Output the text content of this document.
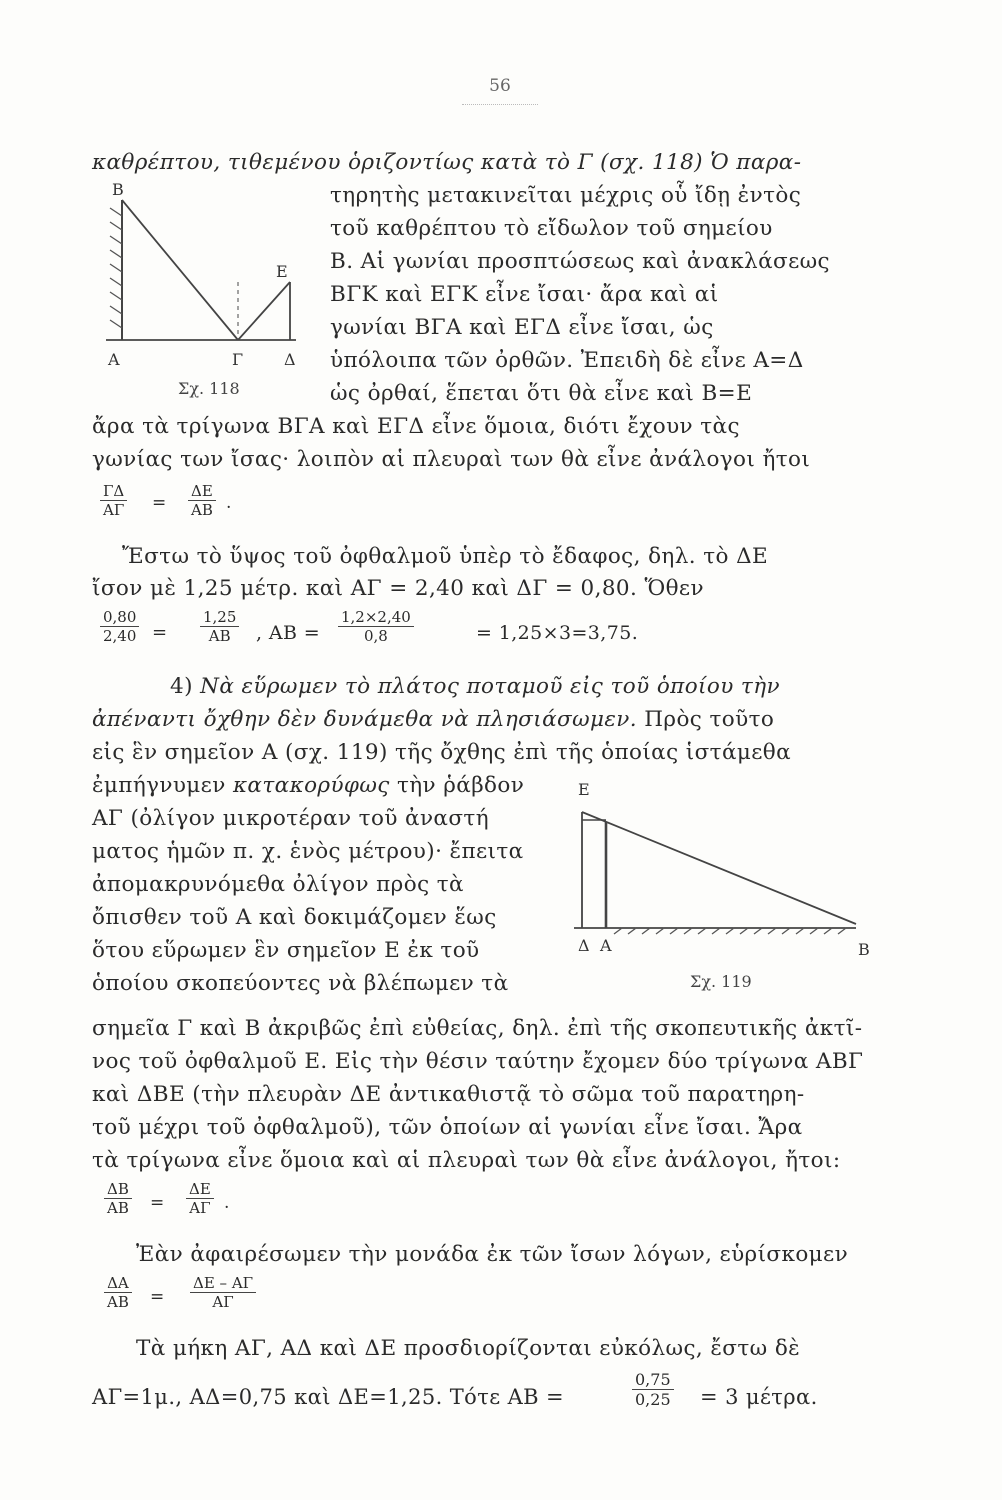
56
καθρέπτου, τιθεμένου ὁριζοντίως κατὰ τὸ Γ (σχ. 118) Ὁ παρα-
Α	Γ	Δ
Ε
Β
Σχ. 118
τηρητὴς μετακινεῖται μέχρις οὗ ἴδῃ ἐντὸς
τοῦ καθρέπτου τὸ εἴδωλον τοῦ σημείου
Β. Αἱ γωνίαι προσπτώσεως καὶ ἀνακλάσεως
ΒΓΚ καὶ ΕΓΚ εἶνε ἴσαι· ἄρα καὶ αἱ
γωνίαι ΒΓΑ καὶ ΕΓΔ εἶνε ἴσαι, ὡς
ὑπόλοιπα τῶν ὀρθῶν. Ἐπειδὴ δὲ εἶνε Α=Δ
ὡς ὀρθαί, ἕπεται ὅτι θὰ εἶνε καὶ Β=Ε
ἄρα τὰ τρίγωνα ΒΓΑ καὶ ΕΓΔ εἶνε ὅμοια, διότι ἔχουν τὰς
γωνίας των ἴσας· λοιπὸν αἱ πλευραὶ των θὰ εἶνε ἀνάλογοι ἤτοι
$\frac{\Gamma\Delta}{A\Gamma} = \frac{\Delta E}{AB}$ .
Ἔστω τὸ ὕψος τοῦ ὀφθαλμοῦ ὑπὲρ τὸ ἔδαφος, δηλ. τὸ ΔΕ
ἴσον μὲ 1,25 μέτρ. καὶ ΑΓ = 2,40 καὶ ΔΓ = 0,80. Ὅθεν
$\frac{0,80}{2,40} = \frac{1,25}{AB}$ , $AB = \frac{1,2\times 2,40}{0,8}$	= 1,25×3=3,75.
4) Νὰ εὕρωμεν τὸ πλάτος ποταμοῦ εἰς τοῦ ὁποίου τὴν
ἀπέναντι ὄχθην δὲν δυνάμεθα νὰ πλησιάσωμεν. Πρὸς τοῦτο
εἰς ἓν σημεῖον Α (σχ. 119) τῆς ὄχθης ἐπὶ τῆς ὁποίας ἱστάμεθα
ἐμπήγνυμεν κατακορύφως τὴν ῥάβδον
ΑΓ (ὀλίγον μικροτέραν τοῦ ἀναστή
ματος ἡμῶν π. χ. ἑνὸς μέτρου)· ἔπειτα
ἀπομακρυνόμεθα ὀλίγον πρὸς τὰ
ὄπισθεν τοῦ Α καὶ δοκιμάζομεν ἕως
ὅτου εὕρωμεν ἓν σημεῖον Ε ἐκ τοῦ
ὁποίου σκοπεύοντες νὰ βλέπωμεν τὰ
Ε
Δ Α	Β
Σχ. 119
σημεῖα Γ καὶ Β ἀκριβῶς ἐπὶ εὐθείας, δηλ. ἐπὶ τῆς σκοπευτικῆς ἀκτῖ-
νος τοῦ ὀφθαλμοῦ Ε. Εἰς τὴν θέσιν ταύτην ἔχομεν δύο τρίγωνα ΑΒΓ
καὶ ΔΒΕ (τὴν πλευρὰν ΔΕ ἀντικαθιστᾷ τὸ σῶμα τοῦ παρατηρη-
τοῦ μέχρι τοῦ ὀφθαλμοῦ), τῶν ὁποίων αἱ γωνίαι εἶνε ἴσαι. Ἄρα
τὰ τρίγωνα εἶνε ὅμοια καὶ αἱ πλευραὶ των θὰ εἶνε ἀνάλογοι, ἤτοι:
$\frac{\Delta B}{AB} = \frac{\Delta E}{A\Gamma}$ .
Ἐὰν ἀφαιρέσωμεν τὴν μονάδα ἐκ τῶν ἴσων λόγων, εὑρίσκομεν
$\frac{\Delta A}{AB} = \frac{\Delta E - A\Gamma}{A\Gamma}$
Τὰ μήκη ΑΓ, ΑΔ καὶ ΔΕ προσδιορίζονται εὐκόλως, ἔστω δὲ
ΑΓ=1μ., ΑΔ=0,75 καὶ ΔΕ=1,25. Τότε ΑΒ =	$\frac{0,75}{0,25} = 3$ μέτρα.
